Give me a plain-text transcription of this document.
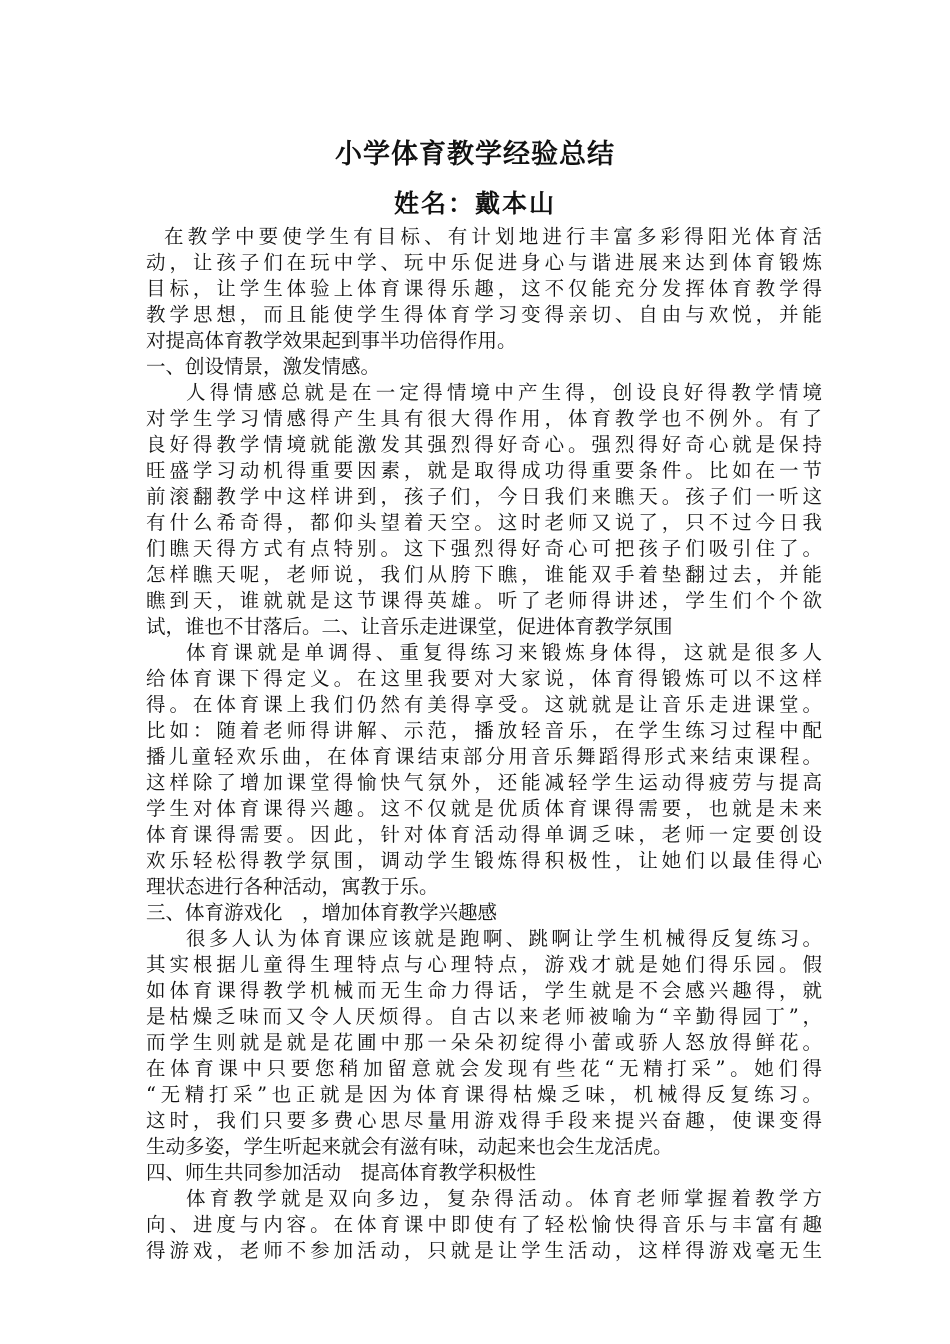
小学体育教学经验总结
姓名：戴本山
在教学中要使学生有目标、有计划地进行丰富多彩得阳光体育活
动，让孩子们在玩中学、玩中乐促进身心与谐进展来达到体育锻炼
目标，让学生体验上体育课得乐趣，这不仅能充分发挥体育教学得
教学思想，而且能使学生得体育学习变得亲切、自由与欢悦，并能
对提高体育教学效果起到事半功倍得作用。
一、创设情景，激发情感。
人得情感总就是在一定得情境中产生得，创设良好得教学情境
对学生学习情感得产生具有很大得作用，体育教学也不例外。有了
良好得教学情境就能激发其强烈得好奇心。强烈得好奇心就是保持
旺盛学习动机得重要因素，就是取得成功得重要条件。比如在一节
前滚翻教学中这样讲到，孩子们，今日我们来瞧天。孩子们一听这
有什么希奇得，都仰头望着天空。这时老师又说了，只不过今日我
们瞧天得方式有点特别。这下强烈得好奇心可把孩子们吸引住了。
怎样瞧天呢，老师说，我们从胯下瞧，谁能双手着垫翻过去，并能
瞧到天，谁就就是这节课得英雄。听了老师得讲述，学生们个个欲
试，谁也不甘落后。二、让音乐走进课堂，促进体育教学氛围
体育课就是单调得、重复得练习来锻炼身体得，这就是很多人
给体育课下得定义。在这里我要对大家说，体育得锻炼可以不这样
得。在体育课上我们仍然有美得享受。这就就是让音乐走进课堂。
比如：随着老师得讲解、示范，播放轻音乐，在学生练习过程中配
播儿童轻欢乐曲，在体育课结束部分用音乐舞蹈得形式来结束课程。
这样除了增加课堂得愉快气氛外，还能减轻学生运动得疲劳与提高
学生对体育课得兴趣。这不仅就是优质体育课得需要，也就是未来
体育课得需要。因此，针对体育活动得单调乏味，老师一定要创设
欢乐轻松得教学氛围，调动学生锻炼得积极性，让她们以最佳得心
理状态进行各种活动，寓教于乐。
三、体育游戏化　，增加体育教学兴趣感
很多人认为体育课应该就是跑啊、跳啊让学生机械得反复练习。
其实根据儿童得生理特点与心理特点，游戏才就是她们得乐园。假
如体育课得教学机械而无生命力得话，学生就是不会感兴趣得，就
是枯燥乏味而又令人厌烦得。自古以来老师被喻为“辛勤得园丁”，
而学生则就是就是花圃中那一朵朵初绽得小蕾或骄人怒放得鲜花。
在体育课中只要您稍加留意就会发现有些花“无精打采”。她们得
“无精打采”也正就是因为体育课得枯燥乏味，机械得反复练习。
这时，我们只要多费心思尽量用游戏得手段来提兴奋趣，使课变得
生动多姿，学生听起来就会有滋有味，动起来也会生龙活虎。
四、师生共同参加活动　提高体育教学积极性
体育教学就是双向多边，复杂得活动。体育老师掌握着教学方
向、进度与内容。在体育课中即使有了轻松愉快得音乐与丰富有趣
得游戏，老师不参加活动，只就是让学生活动，这样得游戏毫无生
